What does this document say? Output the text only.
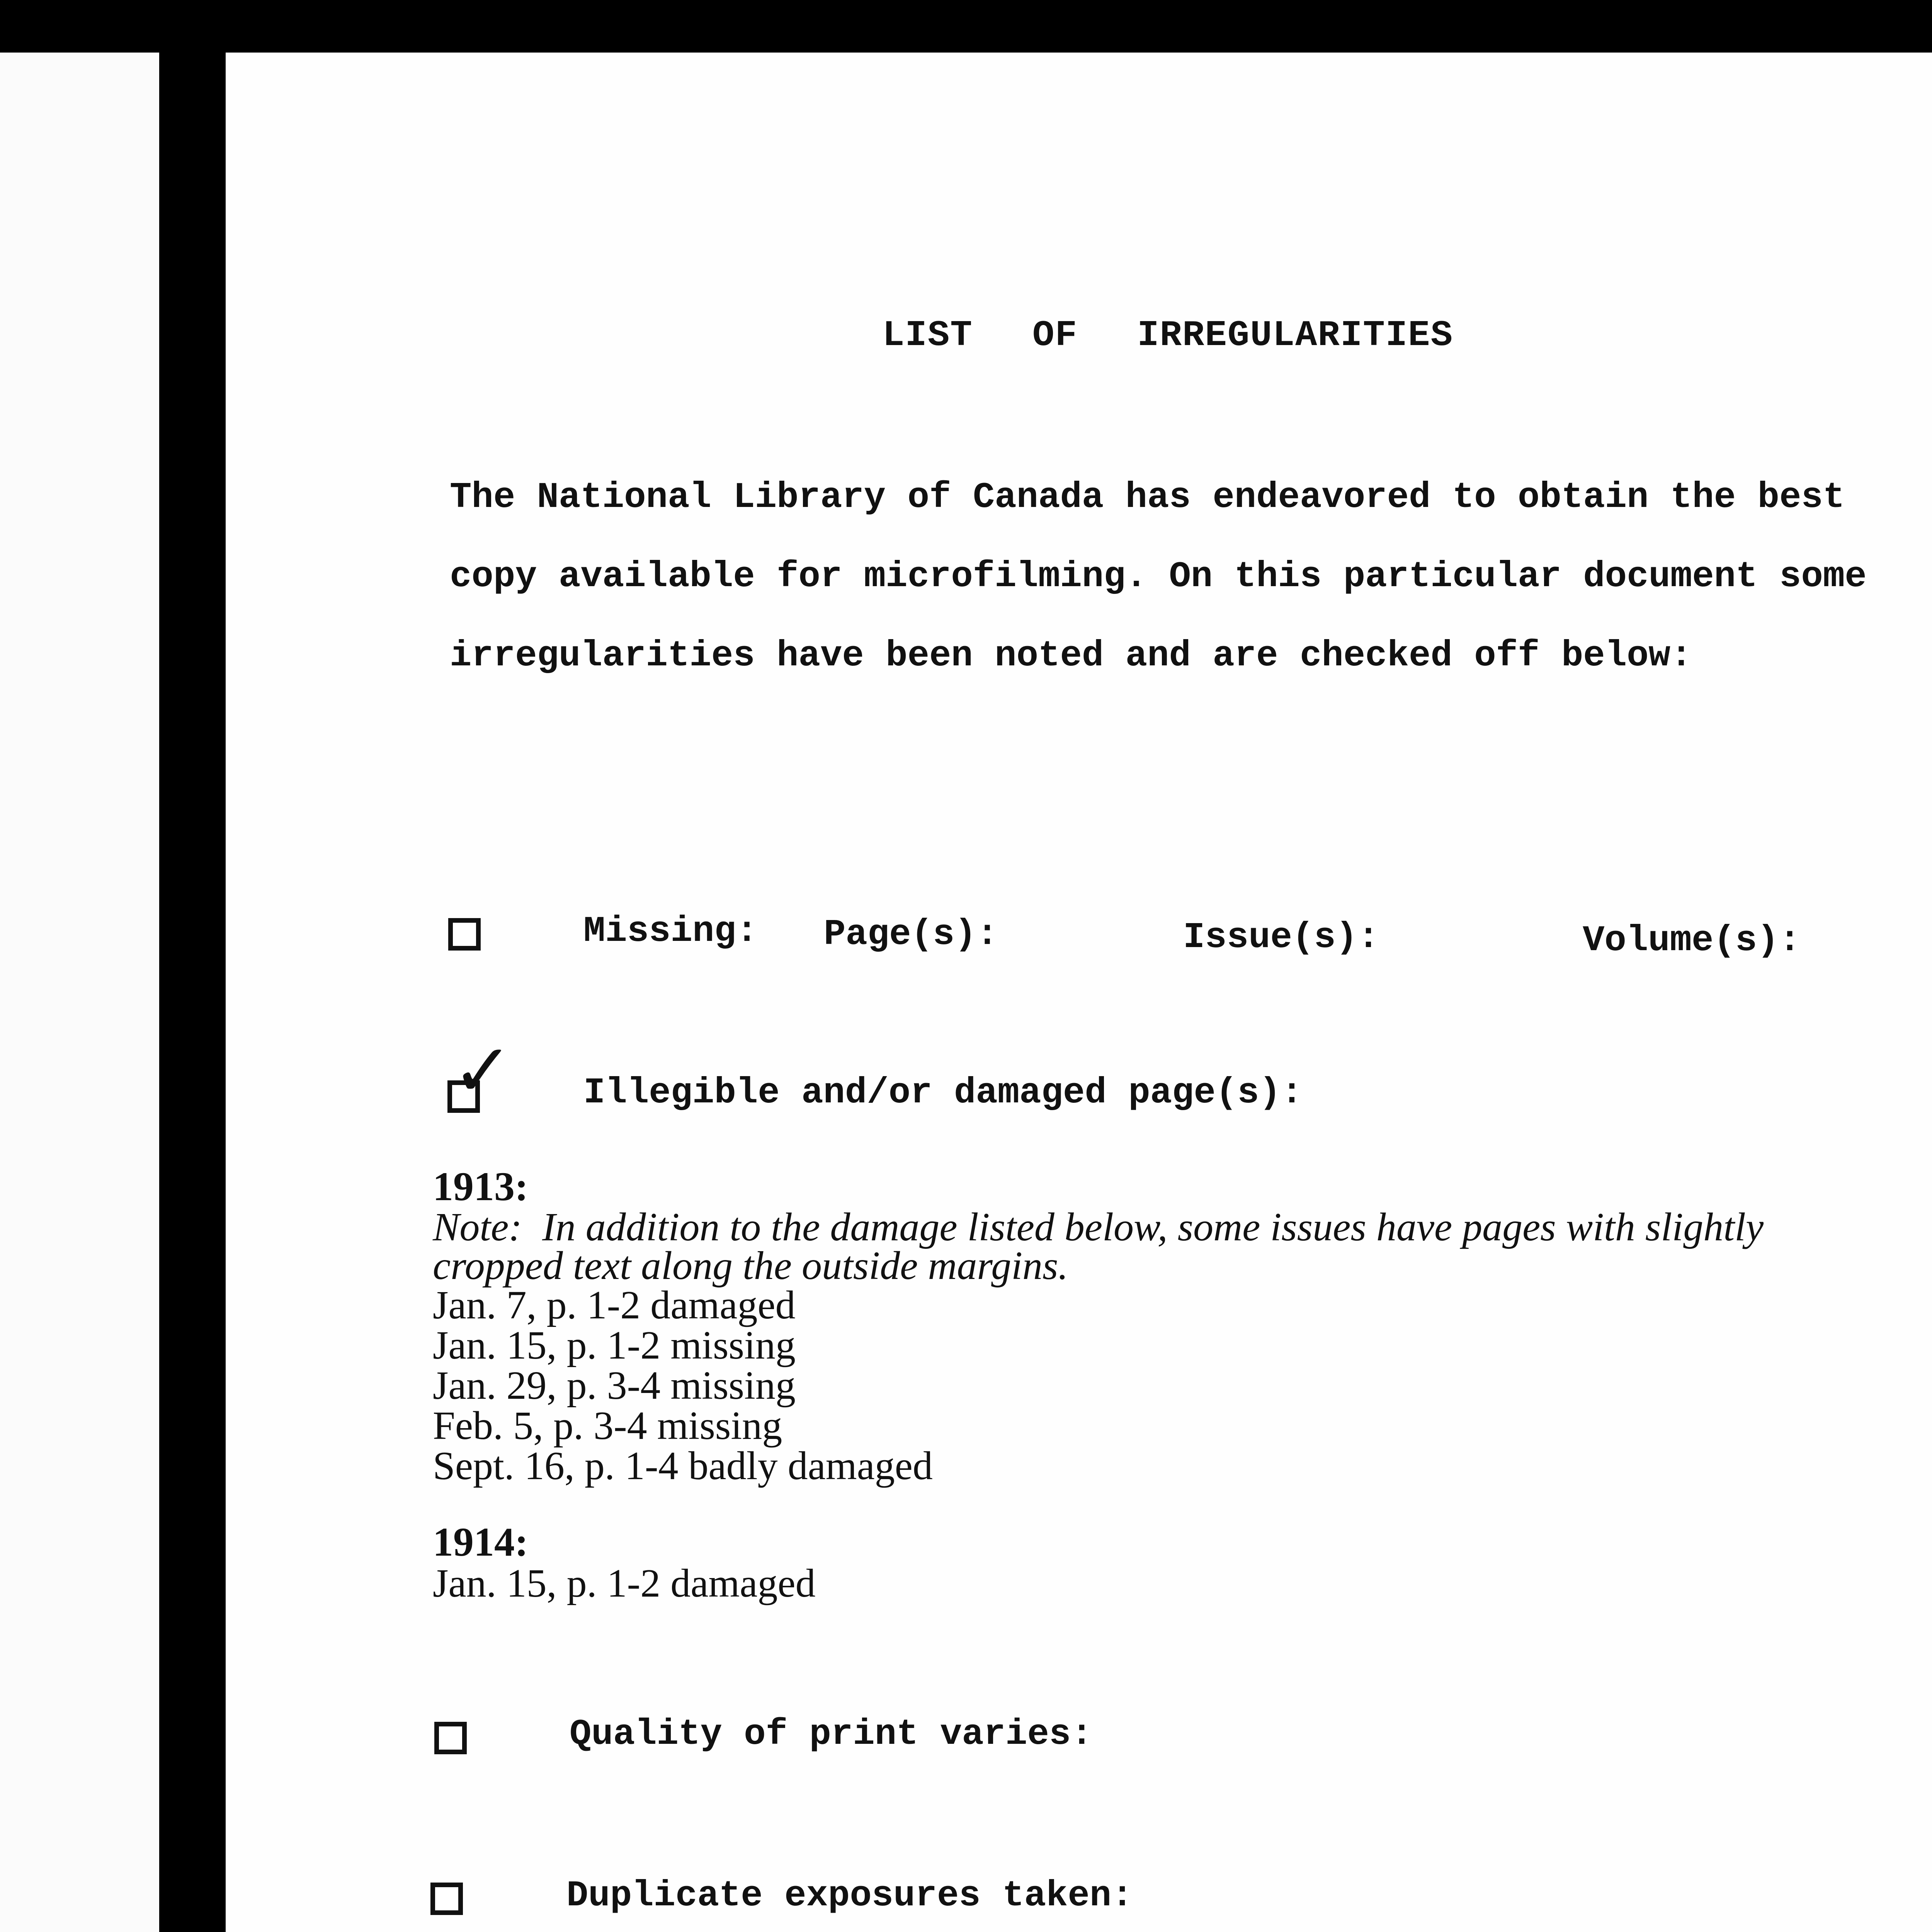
LIST OF IRREGULARITIES
The National Library of Canada has endeavored to obtain the best copy available for microfilming. On this particular document some irregularities have been noted and are checked off below:
Missing: Page(s):	Issue(s):	Volume(s):
✓ Illegible and/or damaged page(s):
1913:
Note: In addition to the damage listed below, some issues have pages with slightly cropped text along the outside margins.
Jan. 7, p. 1-2 damaged
Jan. 15, p. 1-2 missing
Jan. 29, p. 3-4 missing
Feb. 5, p. 3-4 missing
Sept. 16, p. 1-4 badly damaged
1914:
Jan. 15, p. 1-2 damaged
Quality of print varies:
Duplicate exposures taken:
